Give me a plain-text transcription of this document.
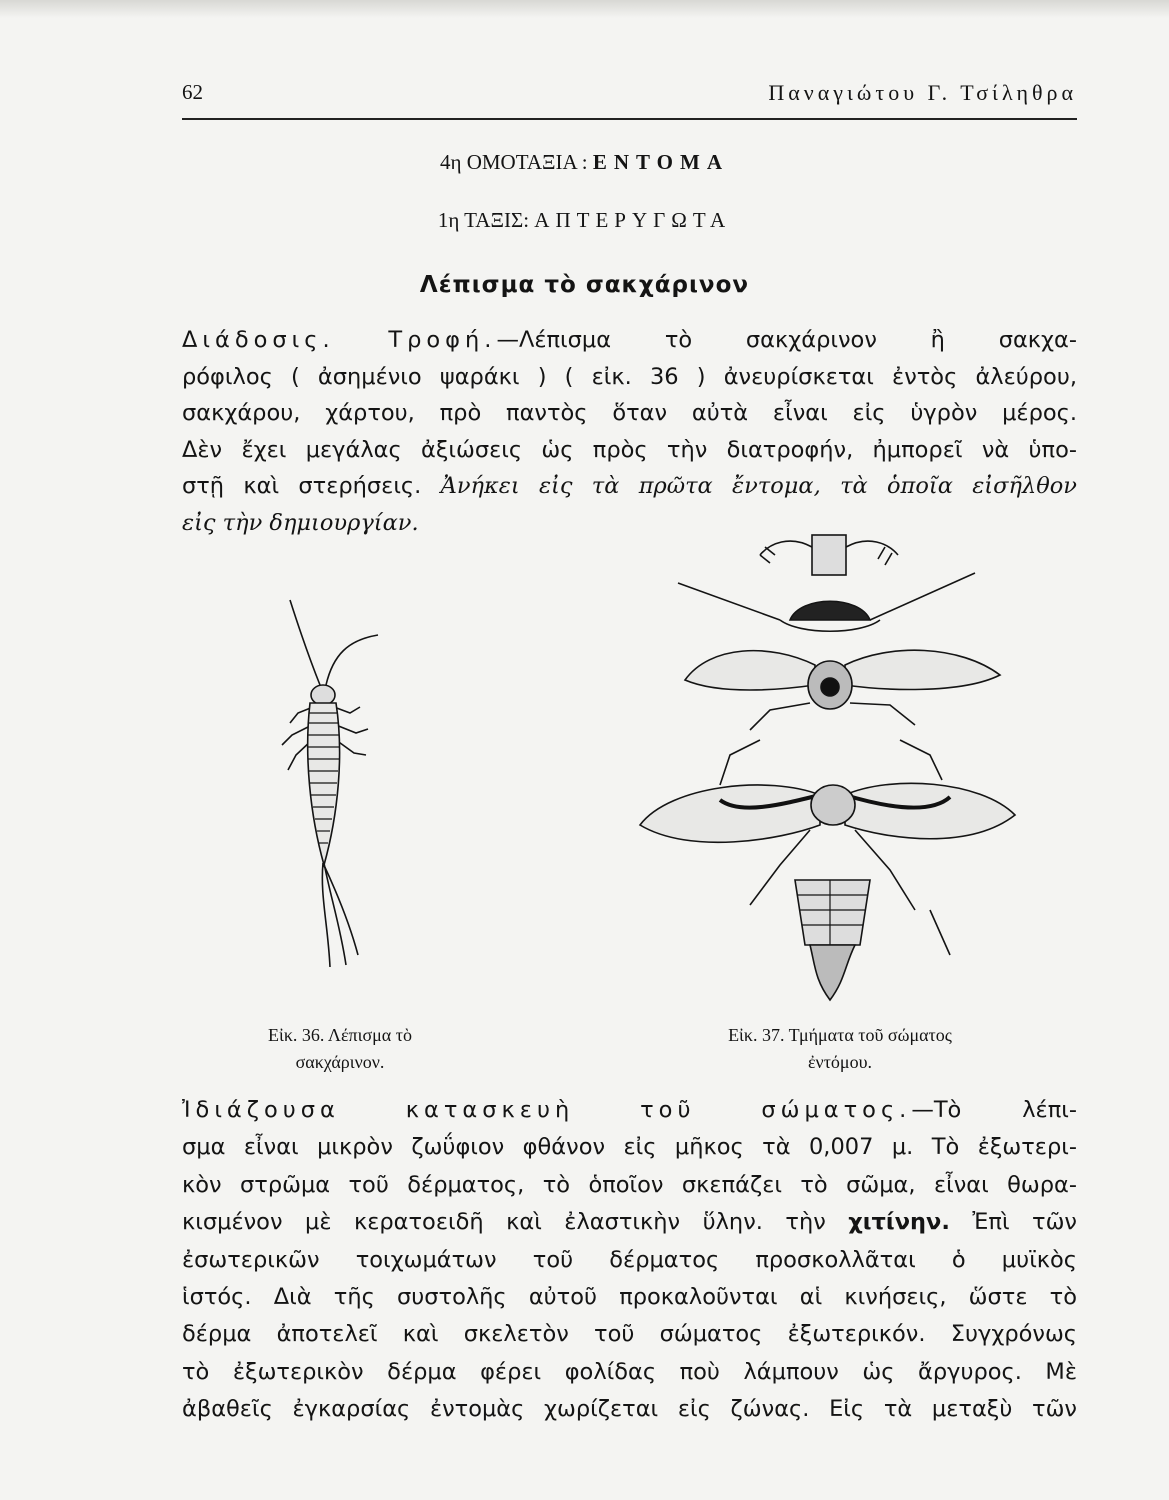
62	Παναγιώτου Γ. Τσίληθρα
4η ΟΜΟΤΑΞΙΑ : ΕΝΤΟΜΑ
1η ΤΑΞΙΣ: ΑΠΤΕΡΥΓΩΤΑ
Λέπισμα τὸ σακχάρινον
Διάδοσις. Τροφή.—Λέπισμα τὸ σακχάρινον ἢ σακχα-
ρόφιλος ( ἀσημένιο ψαράκι ) ( εἰκ. 36 ) ἀνευρίσκεται ἐντὸς ἀλεύρου,
σακχάρου, χάρτου, πρὸ παντὸς ὅταν αὐτὰ εἶναι εἰς ὑγρὸν μέρος.
Δὲν ἔχει μεγάλας ἀξιώσεις ὡς πρὸς τὴν διατροφήν, ἠμπορεῖ νὰ ὑπο-
στῇ καὶ στερήσεις. Ἀνήκει εἰς τὰ πρῶτα ἔντομα, τὰ ὁποῖα εἰσῆλθον
εἰς τὴν δημιουργίαν.
Εἰκ. 36. Λέπισμα τὸ
σακχάρινον.
Εἰκ. 37. Τμήματα τοῦ σώματος
ἐντόμου.
Ἰδιάζουσα κατασκευὴ τοῦ σώματος.—Τὸ λέπι-
σμα εἶναι μικρὸν ζωΰφιον φθάνον εἰς μῆκος τὰ 0,007 μ. Τὸ ἐξωτερι-
κὸν στρῶμα τοῦ δέρματος, τὸ ὁποῖον σκεπάζει τὸ σῶμα, εἶναι θωρα-
κισμένον μὲ κερατοειδῆ καὶ ἐλαστικὴν ὕλην. τὴν χιτίνην. Ἐπὶ τῶν
ἐσωτερικῶν τοιχωμάτων τοῦ δέρματος προσκολλᾶται ὁ μυϊκὸς
ἱστός. Διὰ τῆς συστολῆς αὐτοῦ προκαλοῦνται αἱ κινήσεις, ὥστε τὸ
δέρμα ἀποτελεῖ καὶ σκελετὸν τοῦ σώματος ἐξωτερικόν. Συγχρόνως
τὸ ἐξωτερικὸν δέρμα φέρει φολίδας ποὺ λάμπουν ὡς ἄργυρος. Μὲ
ἀβαθεῖς ἐγκαρσίας ἐντομὰς χωρίζεται εἰς ζώνας. Εἰς τὰ μεταξὺ τῶν
